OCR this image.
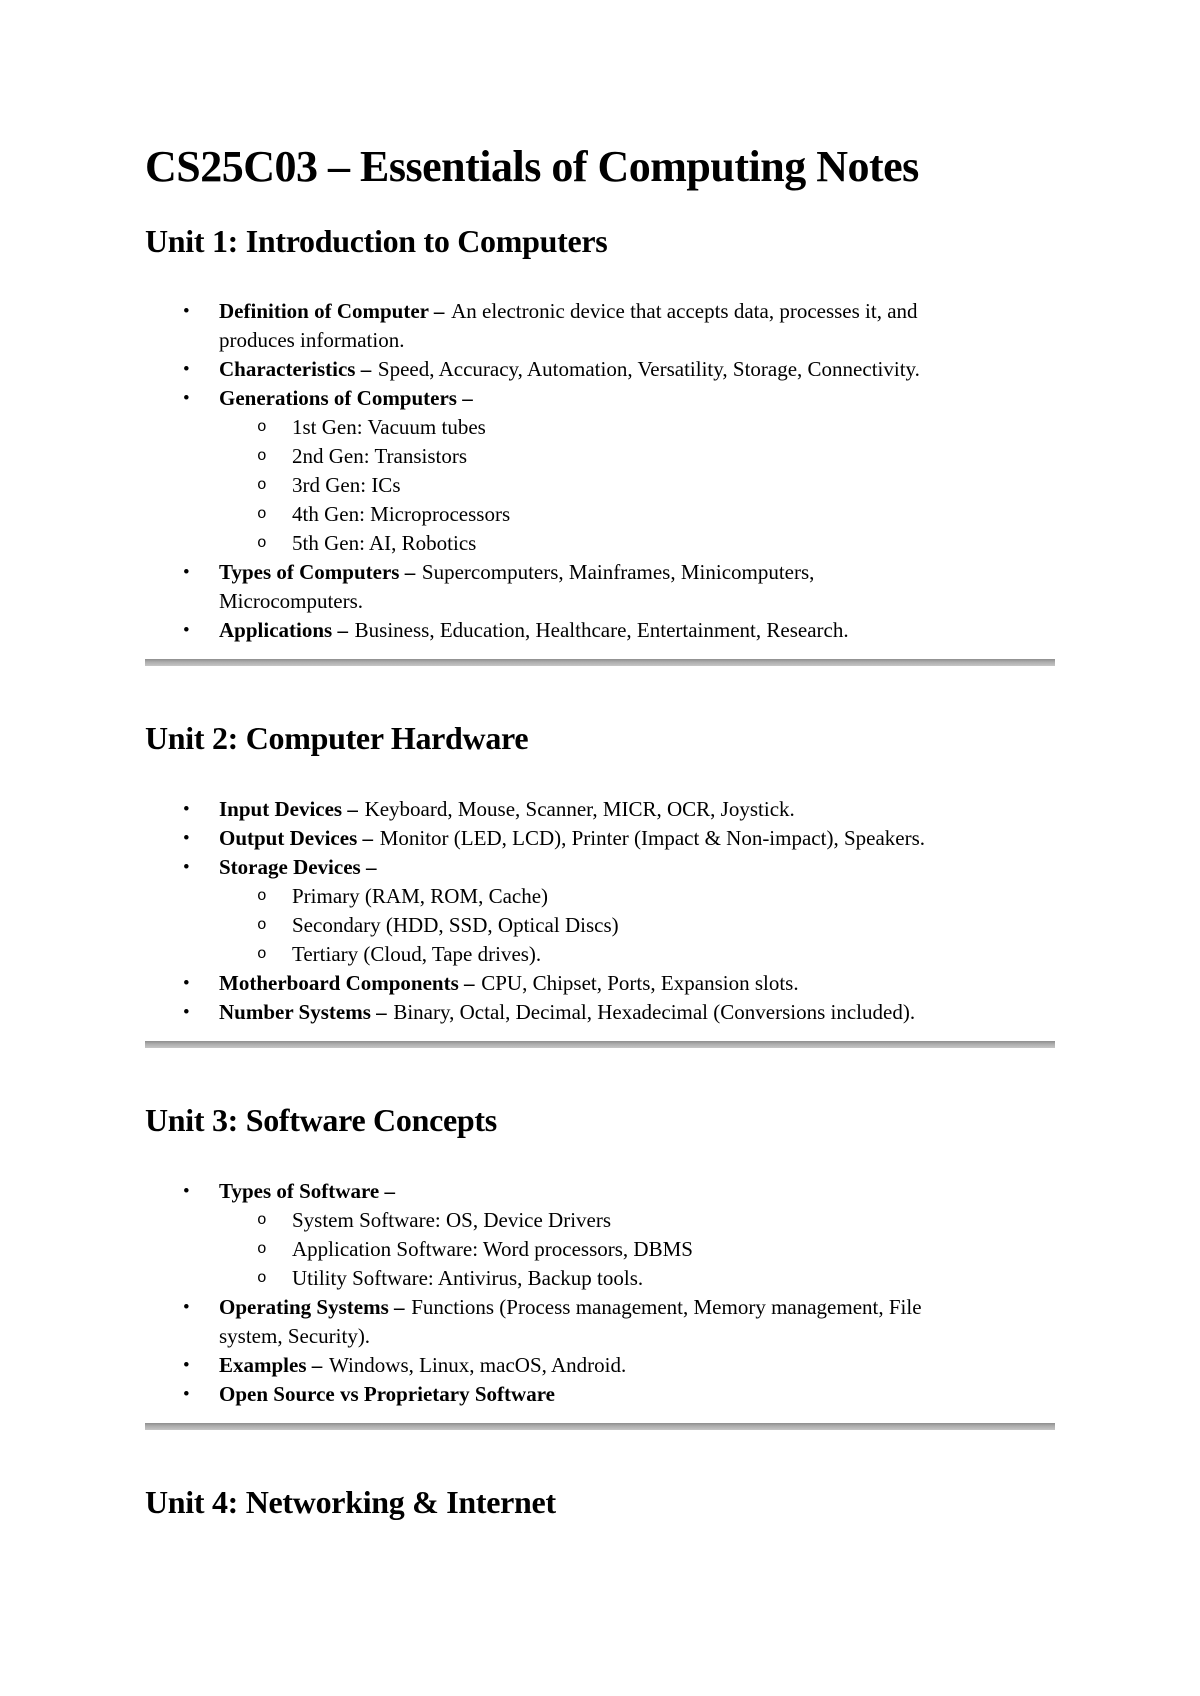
CS25C03 – Essentials of Computing Notes
Unit 1: Introduction to Computers
•	Definition of Computer – An electronic device that accepts data, processes it, and
produces information.
•	Characteristics – Speed, Accuracy, Automation, Versatility, Storage, Connectivity.
•	Generations of Computers –
o	1st Gen: Vacuum tubes
o	2nd Gen: Transistors
o	3rd Gen: ICs
o	4th Gen: Microprocessors
o	5th Gen: AI, Robotics
•	Types of Computers – Supercomputers, Mainframes, Minicomputers,
Microcomputers.
•	Applications – Business, Education, Healthcare, Entertainment, Research.
Unit 2: Computer Hardware
•	Input Devices – Keyboard, Mouse, Scanner, MICR, OCR, Joystick.
•	Output Devices – Monitor (LED, LCD), Printer (Impact & Non-impact), Speakers.
•	Storage Devices –
o	Primary (RAM, ROM, Cache)
o	Secondary (HDD, SSD, Optical Discs)
o	Tertiary (Cloud, Tape drives).
•	Motherboard Components – CPU, Chipset, Ports, Expansion slots.
•	Number Systems – Binary, Octal, Decimal, Hexadecimal (Conversions included).
Unit 3: Software Concepts
•	Types of Software –
o	System Software: OS, Device Drivers
o	Application Software: Word processors, DBMS
o	Utility Software: Antivirus, Backup tools.
•	Operating Systems – Functions (Process management, Memory management, File
system, Security).
•	Examples – Windows, Linux, macOS, Android.
•	Open Source vs Proprietary Software
Unit 4: Networking & Internet
